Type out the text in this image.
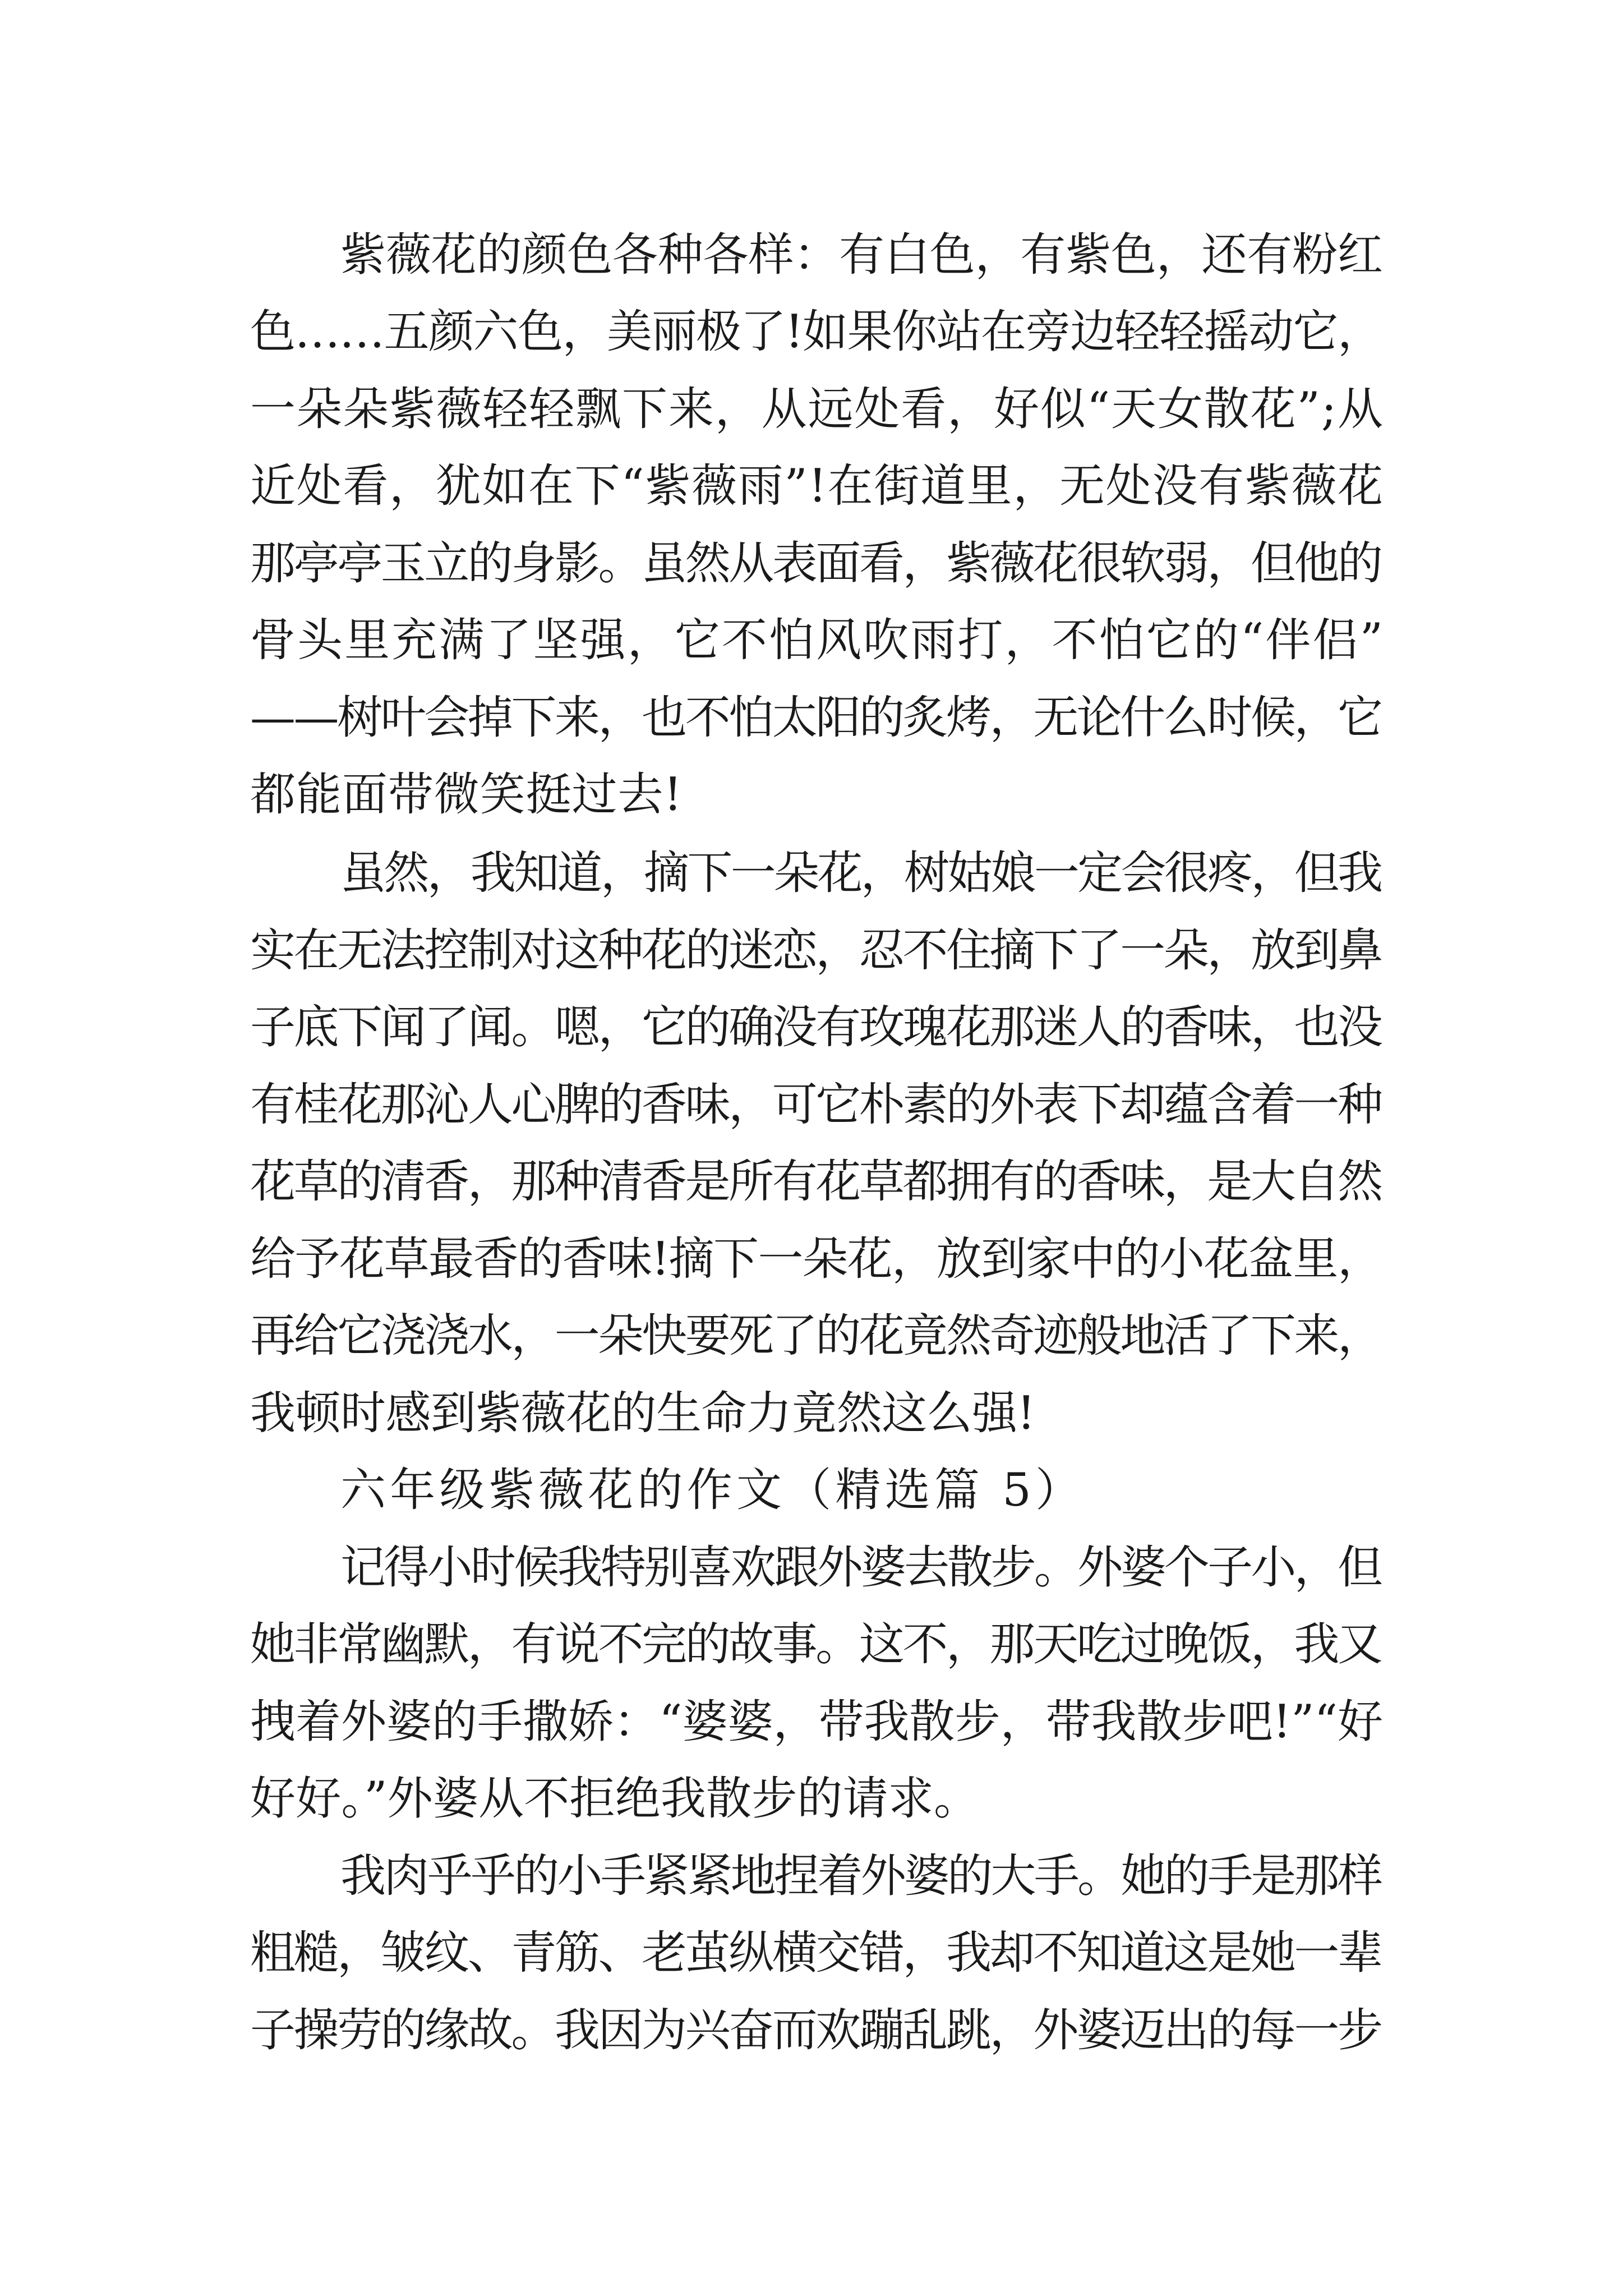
紫薇花的颜色各种各样：有白色，有紫色，还有粉红

色……五颜六色，美丽极了!如果你站在旁边轻轻摇动它，

一朵朵紫薇轻轻飘下来，从远处看，好似“天女散花”;从

近处看，犹如在下“紫薇雨”!在街道里，无处没有紫薇花

那亭亭玉立的身影。虽然从表面看，紫薇花很软弱，但他的

骨头里充满了坚强，它不怕风吹雨打，不怕它的“伴侣”

——树叶会掉下来，也不怕太阳的炙烤，无论什么时候，它

都能面带微笑挺过去!

虽然，我知道，摘下一朵花，树姑娘一定会很疼，但我

实在无法控制对这种花的迷恋，忍不住摘下了一朵，放到鼻

子底下闻了闻。嗯，它的确没有玫瑰花那迷人的香味，也没

有桂花那沁人心脾的香味，可它朴素的外表下却蕴含着一种

花草的清香，那种清香是所有花草都拥有的香味，是大自然

给予花草最香的香味!摘下一朵花，放到家中的小花盆里，

再给它浇浇水，一朵快要死了的花竟然奇迹般地活了下来，

我顿时感到紫薇花的生命力竟然这么强!

六年级紫薇花的作文（精选篇 5）

记得小时候我特别喜欢跟外婆去散步。外婆个子小，但

她非常幽默，有说不完的故事。这不，那天吃过晚饭，我又

拽着外婆的手撒娇：“婆婆，带我散步，带我散步吧!”“好

好好。”外婆从不拒绝我散步的请求。

我肉乎乎的小手紧紧地捏着外婆的大手。她的手是那样

粗糙，皱纹、青筋、老茧纵横交错，我却不知道这是她一辈

子操劳的缘故。我因为兴奋而欢蹦乱跳，外婆迈出的每一步
